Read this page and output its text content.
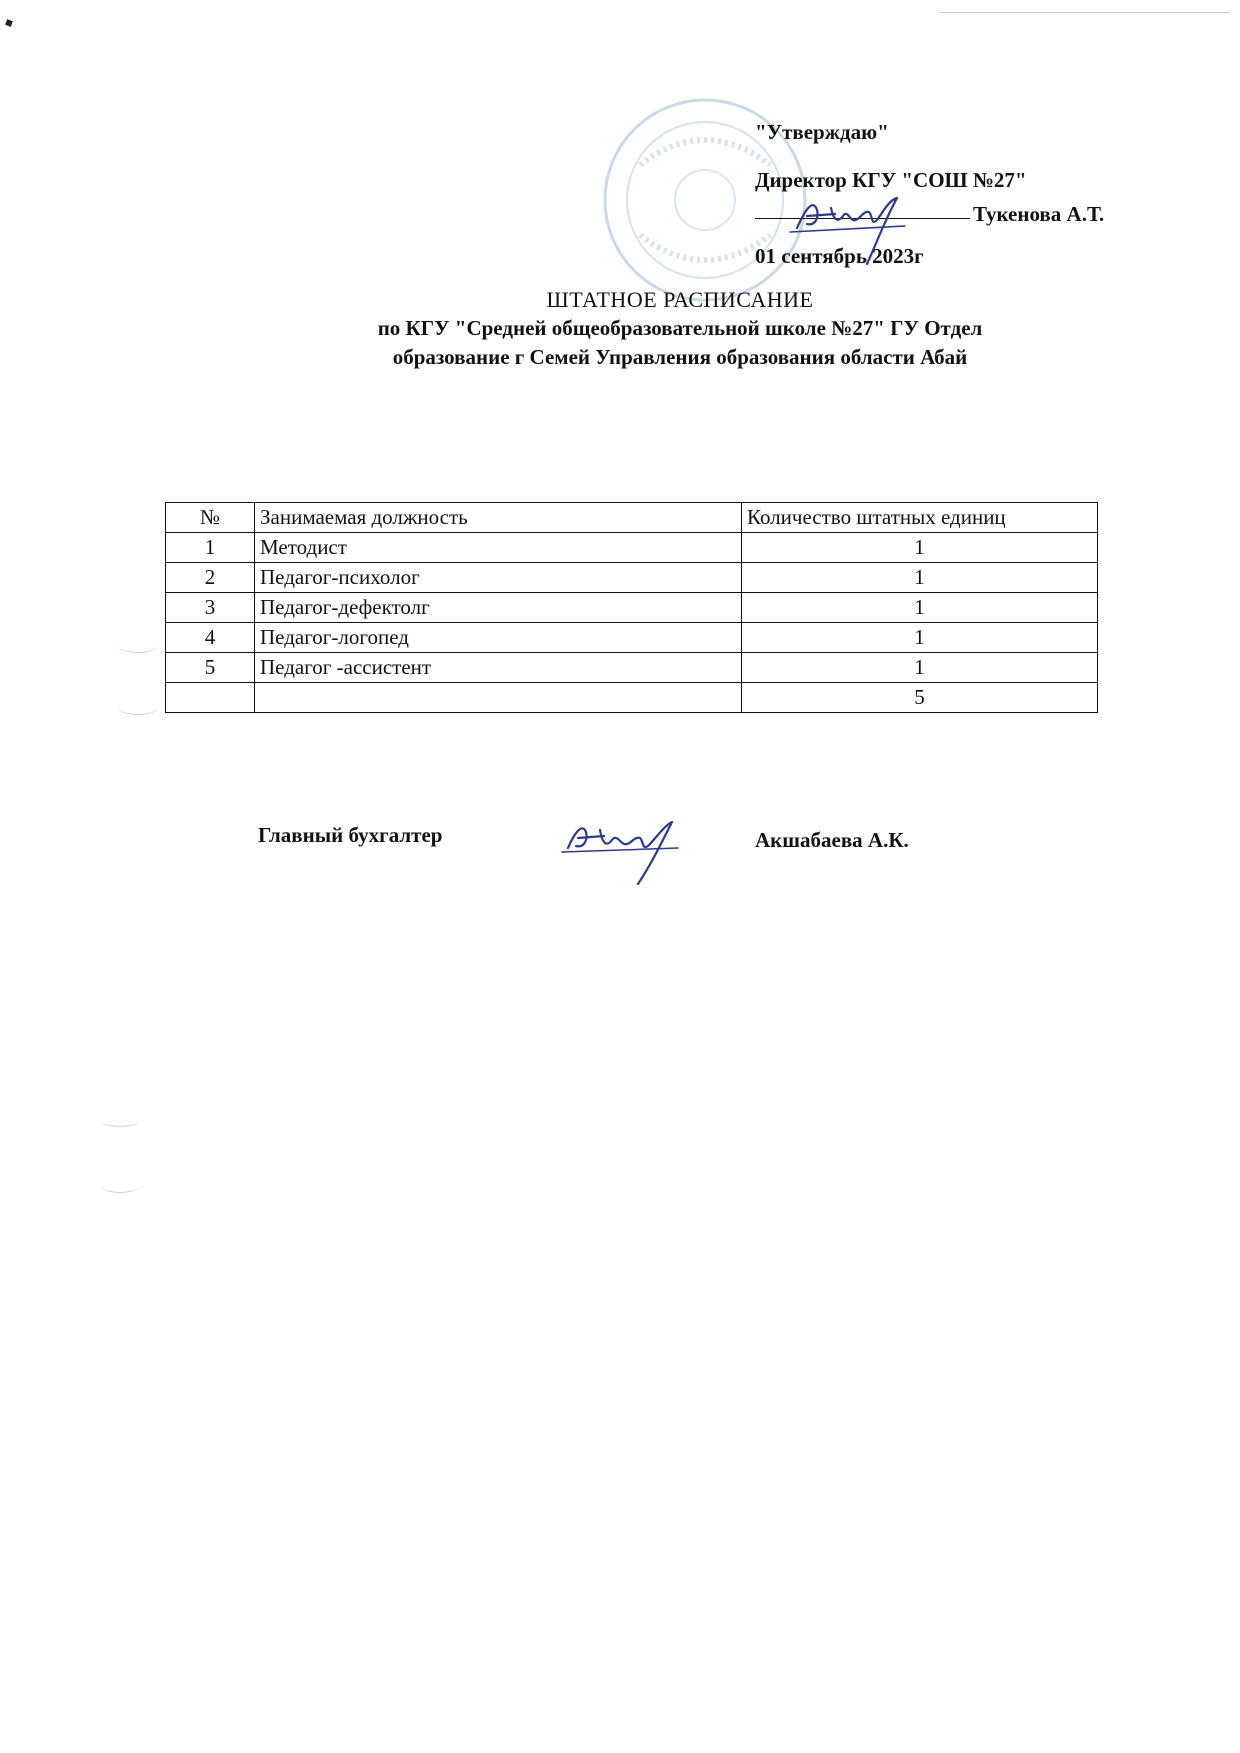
"Утверждаю"
Директор КГУ "СОШ №27"
Тукенова А.Т.
01 сентябрь 2023г
ШТАТНОЕ РАСПИСАНИЕ
по КГУ "Средней общеобразовательной школе №27" ГУ Отдел
образование г Семей Управления образования области Абай
№	Занимаемая должность	Количество штатных единиц
1	Методист	1
2	Педагог-психолог	1
3	Педагог-дефектолг	1
4	Педагог-логопед	1
5	Педагог -ассистент	1
		5
Главный бухгалтер	Акшабаева А.К.
